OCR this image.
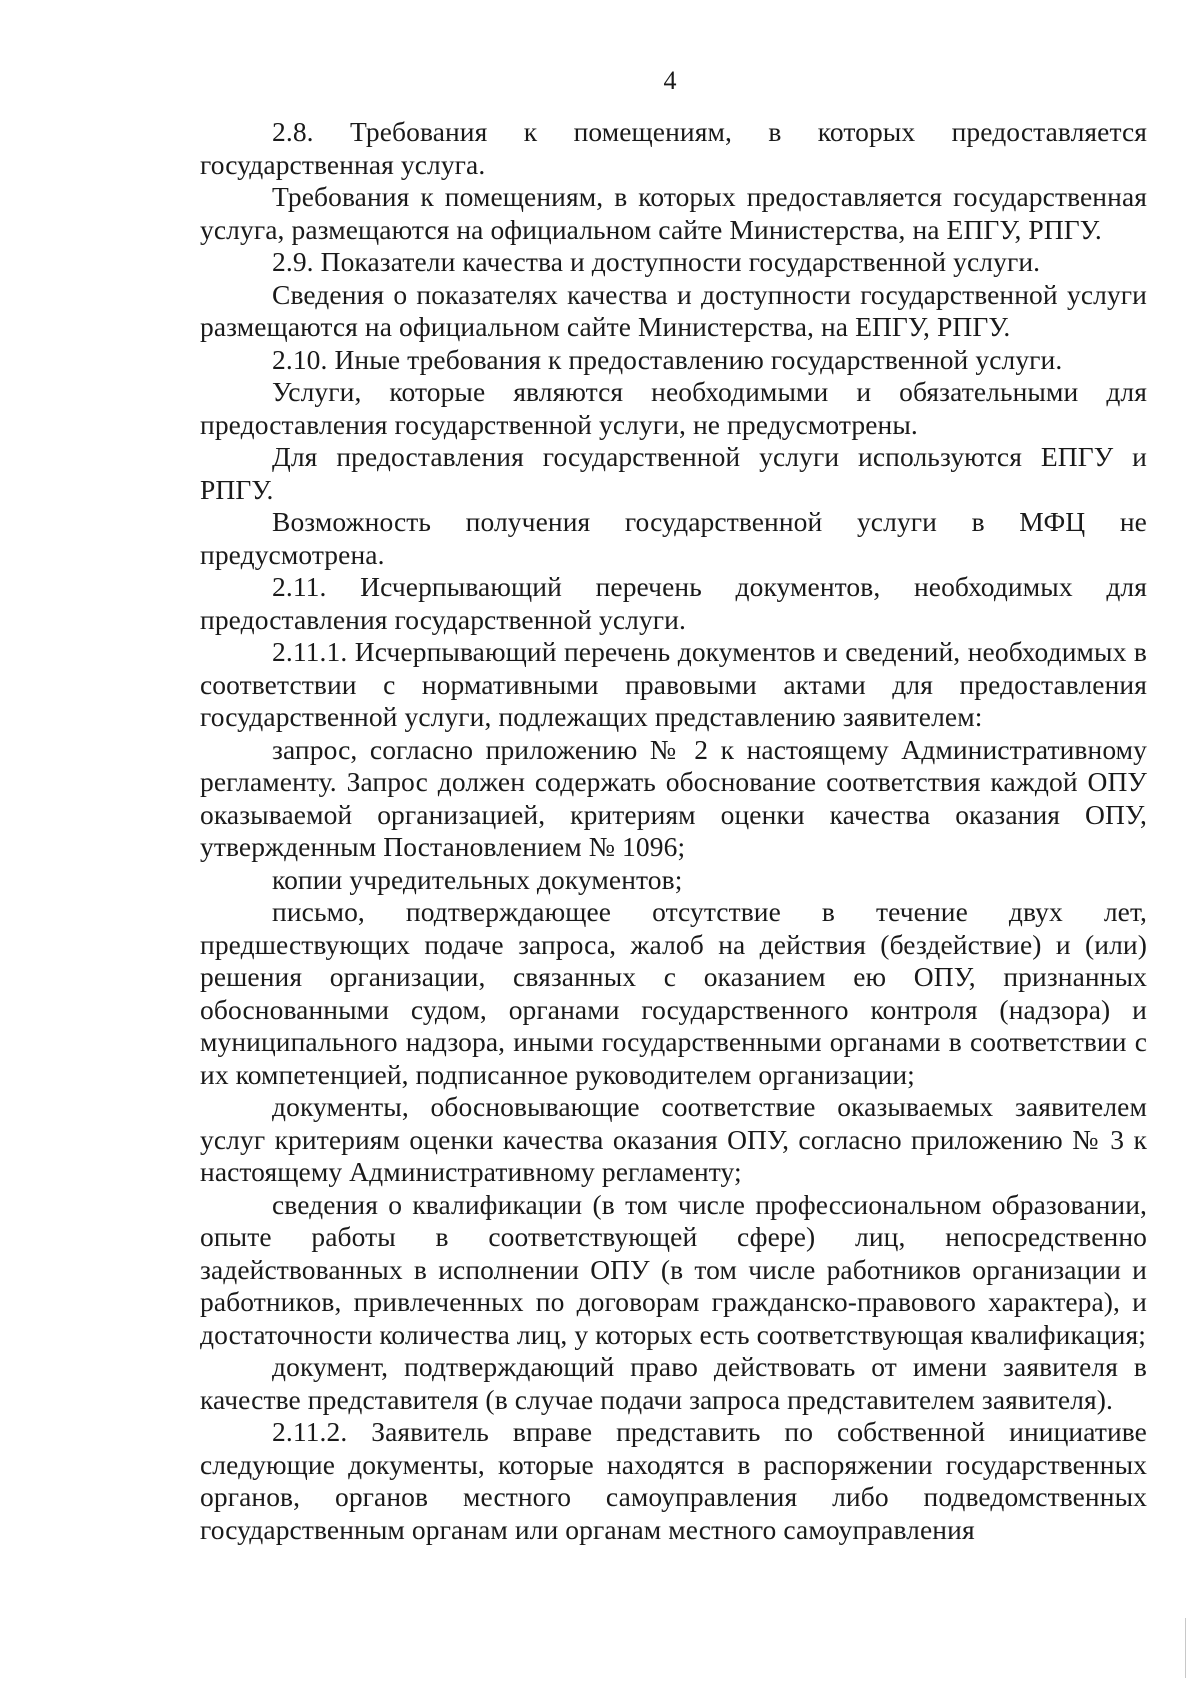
4

2.8. Требования к помещениям, в которых предоставляется государственная услуга.

Требования к помещениям, в которых предоставляется государственная услуга, размещаются на официальном сайте Министерства, на ЕПГУ, РПГУ.

2.9. Показатели качества и доступности государственной услуги.

Сведения о показателях качества и доступности государственной услуги размещаются на официальном сайте Министерства, на ЕПГУ, РПГУ.

2.10. Иные требования к предоставлению государственной услуги.

Услуги, которые являются необходимыми и обязательными для предоставления государственной услуги, не предусмотрены.

Для предоставления государственной услуги используются ЕПГУ и РПГУ.

Возможность получения государственной услуги в МФЦ не предусмотрена.

2.11. Исчерпывающий перечень документов, необходимых для предоставления государственной услуги.

2.11.1. Исчерпывающий перечень документов и сведений, необходимых в соответствии с нормативными правовыми актами для предоставления государственной услуги, подлежащих представлению заявителем:

запрос, согласно приложению № 2 к настоящему Административному регламенту. Запрос должен содержать обоснование соответствия каждой ОПУ оказываемой организацией, критериям оценки качества оказания ОПУ, утвержденным Постановлением № 1096;

копии учредительных документов;

письмо, подтверждающее отсутствие в течение двух лет, предшествующих подаче запроса, жалоб на действия (бездействие) и (или) решения организации, связанных с оказанием ею ОПУ, признанных обоснованными судом, органами государственного контроля (надзора) и муниципального надзора, иными государственными органами в соответствии с их компетенцией, подписанное руководителем организации;

документы, обосновывающие соответствие оказываемых заявителем услуг критериям оценки качества оказания ОПУ, согласно приложению № 3 к настоящему Административному регламенту;

сведения о квалификации (в том числе профессиональном образовании, опыте работы в соответствующей сфере) лиц, непосредственно задействованных в исполнении ОПУ (в том числе работников организации и работников, привлеченных по договорам гражданско-правового характера), и достаточности количества лиц, у которых есть соответствующая квалификация;

документ, подтверждающий право действовать от имени заявителя в качестве представителя (в случае подачи запроса представителем заявителя).

2.11.2. Заявитель вправе представить по собственной инициативе следующие документы, которые находятся в распоряжении государственных органов, органов местного самоуправления либо подведомственных государственным органам или органам местного самоуправления
